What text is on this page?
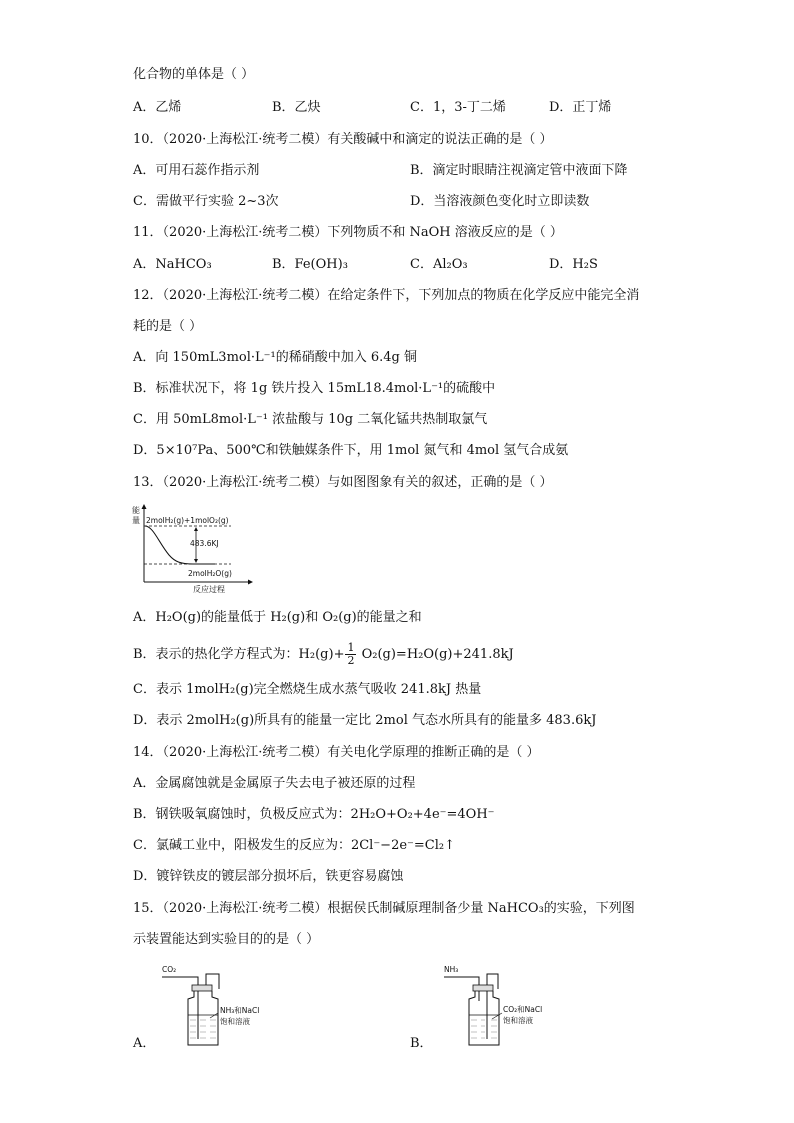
化合物的单体是（ ）
A．乙烯	B．乙炔	C．1，3-丁二烯	D．正丁烯
10．（2020·上海松江·统考二模）有关酸碱中和滴定的说法正确的是（ ）
A．可用石蕊作指示剂	B．滴定时眼睛注视滴定管中液面下降
C．需做平行实验 2~3次	D．当溶液颜色变化时立即读数
11．（2020·上海松江·统考二模）下列物质不和 NaOH 溶液反应的是（ ）
A．NaHCO₃	B．Fe(OH)₃	C．Al₂O₃	D．H₂S
12．（2020·上海松江·统考二模）在给定条件下，下列加点的物质在化学反应中能完全消
耗的是（ ）
A．向 150mL3mol·L⁻¹的稀硝酸中加入 6.4g 铜
B．标准状况下，将 1g 铁片投入 15mL18.4mol·L⁻¹的硫酸中
C．用 50mL8mol·L⁻¹ 浓盐酸与 10g 二氧化锰共热制取氯气
D．5×10⁷Pa、500℃和铁触媒条件下，用 1mol 氮气和 4mol 氢气合成氨
13．（2020·上海松江·统考二模）与如图图象有关的叙述，正确的是（ ）
能
量 2molH₂(g)+1molO₂(g)
483.6KJ
2molH₂O(g)
反应过程
A．H₂O(g)的能量低于 H₂(g)和 O₂(g)的能量之和
B．表示的热化学方程式为：$H_2(g)+ \frac{1}{2} O_2(g)=H_2O(g)+241.8kJ$
C．表示 1molH₂(g)完全燃烧生成水蒸气吸收 241.8kJ 热量
D．表示 2molH₂(g)所具有的能量一定比 2mol 气态水所具有的能量多 483.6kJ
14．（2020·上海松江·统考二模）有关电化学原理的推断正确的是（ ）
A．金属腐蚀就是金属原子失去电子被还原的过程
B．钢铁吸氧腐蚀时，负极反应式为：2H₂O+O₂+4e⁻=4OH⁻
C．氯碱工业中，阳极发生的反应为：2Cl⁻−2e⁻=Cl₂↑
D．镀锌铁皮的镀层部分损坏后，铁更容易腐蚀
15．（2020·上海松江·统考二模）根据侯氏制碱原理制备少量 NaHCO₃的实验，下列图
示装置能达到实验目的的是（ ）
CO₂
NH₃和NaCl
饱和溶液
A．
NH₃
CO₂和NaCl
饱和溶液
B．
